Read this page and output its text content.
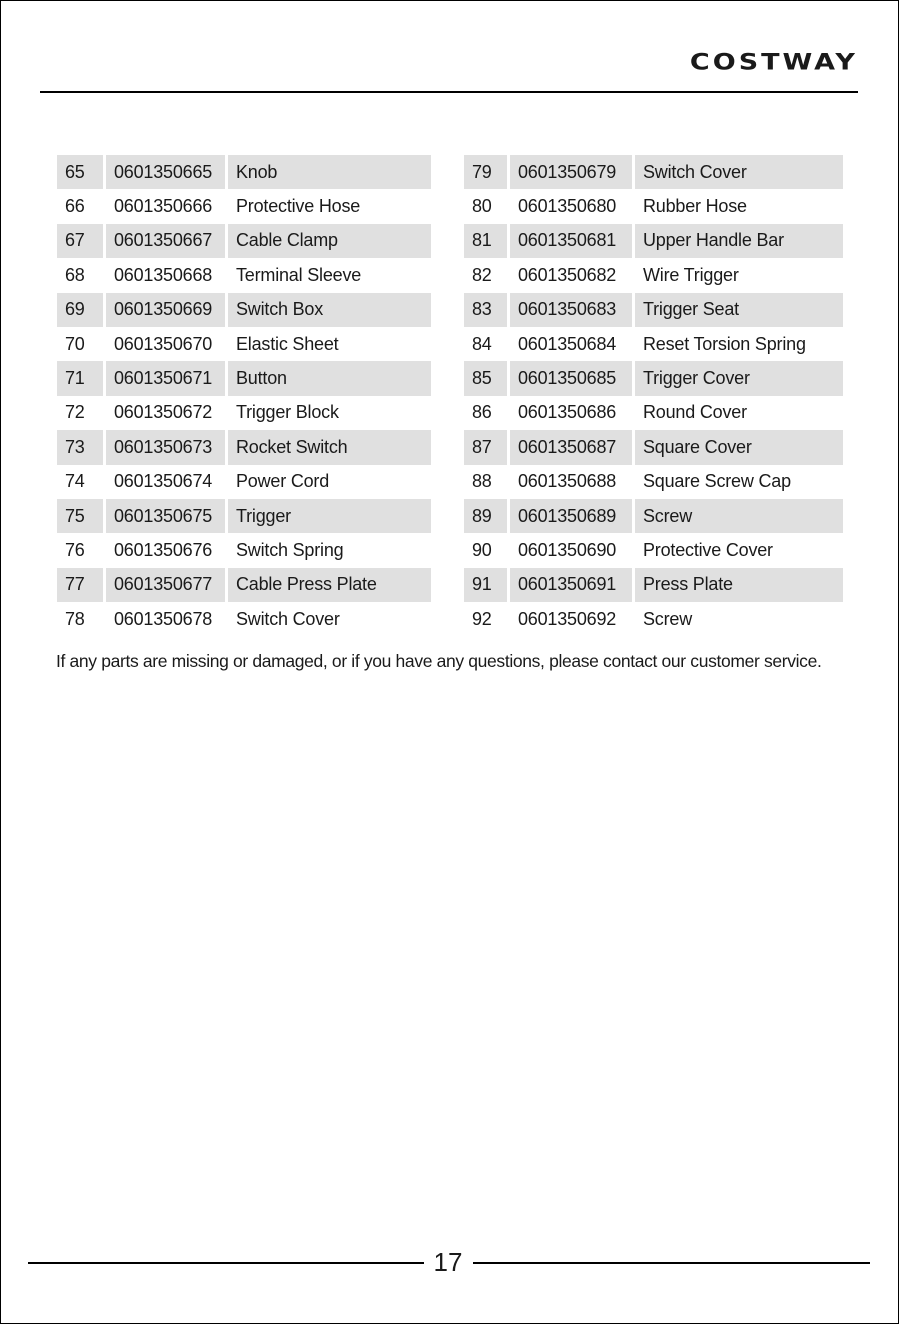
COSTWAY
65		0601350665		Knob
66		0601350666		Protective Hose
67		0601350667		Cable Clamp
68		0601350668		Terminal Sleeve
69		0601350669		Switch Box
70		0601350670		Elastic Sheet
71		0601350671		Button
72		0601350672		Trigger Block
73		0601350673		Rocket Switch
74		0601350674		Power Cord
75		0601350675		Trigger
76		0601350676		Switch Spring
77		0601350677		Cable Press Plate
78		0601350678		Switch Cover
79		0601350679		Switch Cover
80		0601350680		Rubber Hose
81		0601350681		Upper Handle Bar
82		0601350682		Wire Trigger
83		0601350683		Trigger Seat
84		0601350684		Reset Torsion Spring
85		0601350685		Trigger Cover
86		0601350686		Round Cover
87		0601350687		Square Cover
88		0601350688		Square Screw Cap
89		0601350689		Screw
90		0601350690		Protective Cover
91		0601350691		Press Plate
92		0601350692		Screw
If any parts are missing or damaged, or if you have any questions, please contact our customer service.
17
